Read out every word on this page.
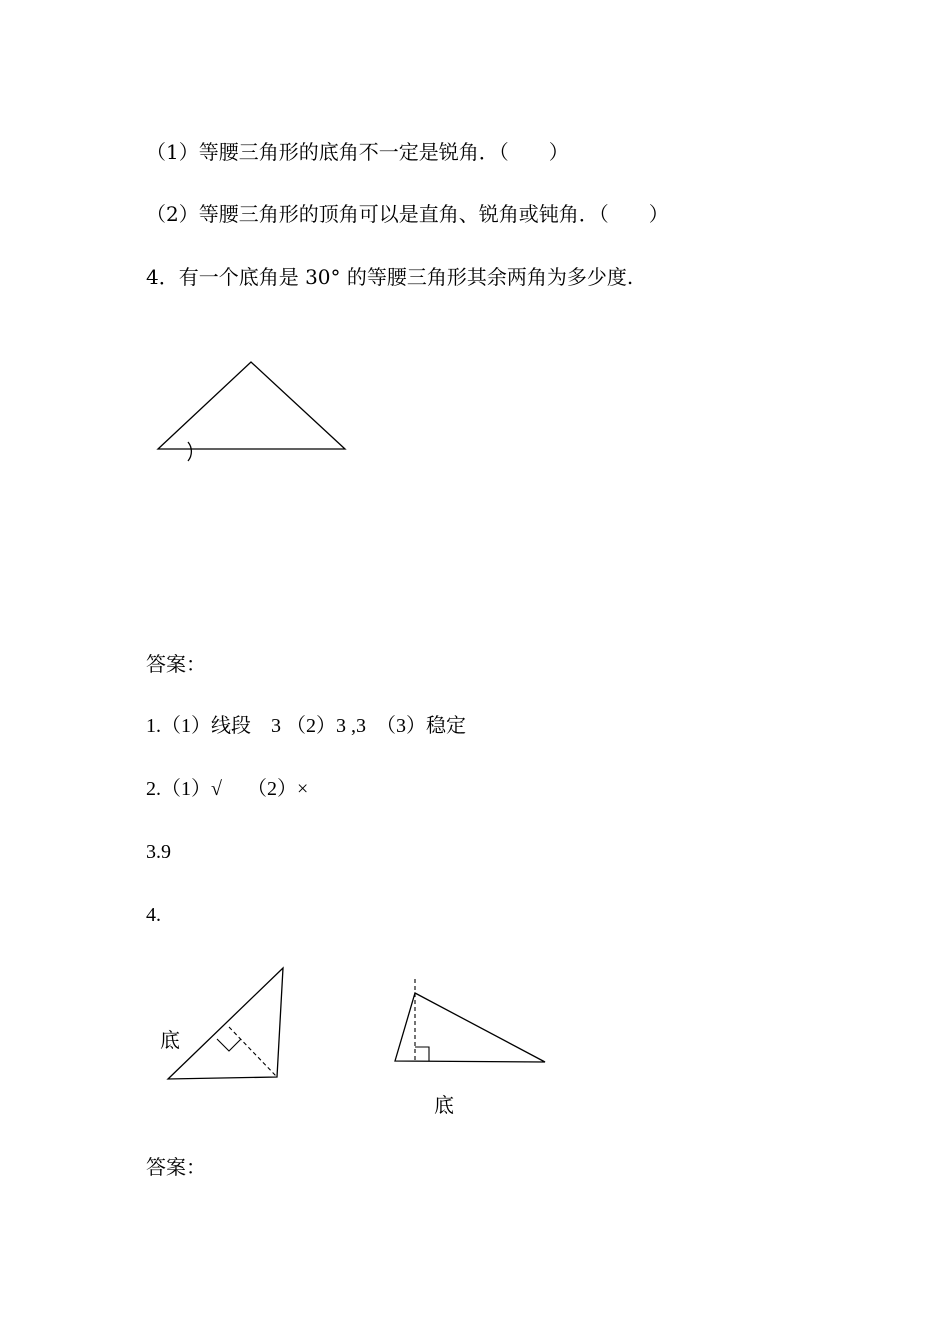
（1）等腰三角形的底角不一定是锐角．（　　）
（2）等腰三角形的顶角可以是直角、锐角或钝角．（　　）
4．有一个底角是 30° 的等腰三角形其余两角为多少度.
答案：
1.（1）线段　3 （2）3 ,3　（3）稳定
2.（1）√　 （2）×
3.9
4.
底
底
答案：
